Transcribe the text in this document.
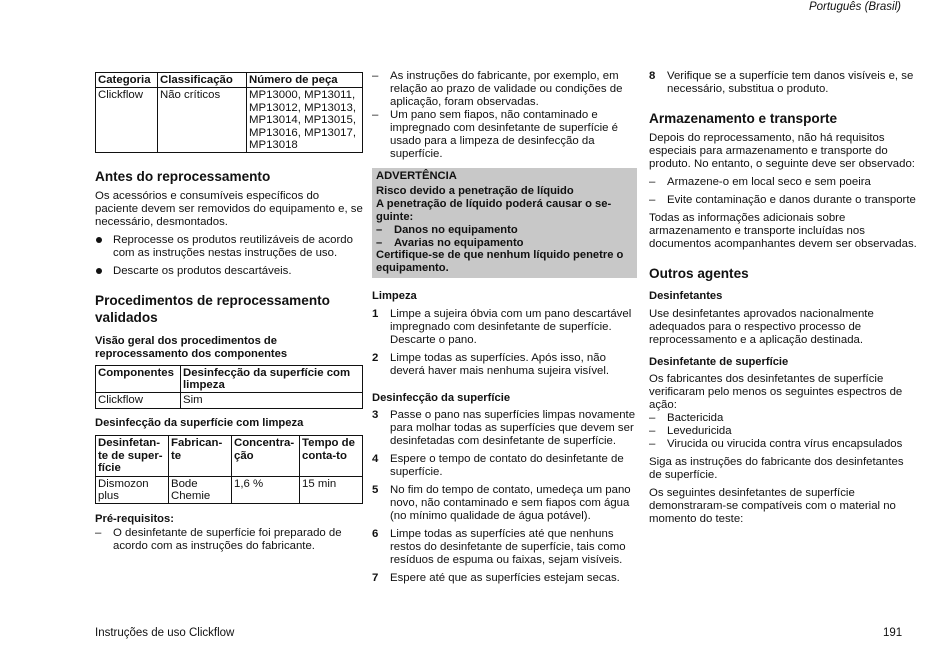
Português (Brasil)
Categoria	Classificação	Número de peça
Clickflow	Não críticos	MP13000, MP13011, MP13012, MP13013, MP13014, MP13015, MP13016, MP13017, MP13018
Antes do reprocessamento

Os acessórios e consumíveis específicos do paciente devem ser removidos do equipamento e, se necessário, desmontados.

Reprocesse os produtos reutilizáveis de acordo com as instruções nestas instruções de uso.
Descarte os produtos descartáveis.
Procedimentos de reprocessamento validados
Visão geral dos procedimentos de reprocessamento dos componentes
Componentes	Desinfecção da superfície com limpeza
Clickflow	Sim
Desinfecção da superfície com limpeza
Desinfetan-te de super-fície	Fabrican-te	Concentra-ção	Tempo de conta-to
Dismozon plus	Bode Chemie	1,6 %	15 min
Pré-requisitos:
– O desinfetante de superfície foi preparado de acordo com as instruções do fabricante.
– As instruções do fabricante, por exemplo, em relação ao prazo de validade ou condições de aplicação, foram observadas.
– Um pano sem fiapos, não contaminado e impregnado com desinfetante de superfície é usado para a limpeza de desinfecção da superfície.
ADVERTÊNCIA
Risco devido a penetração de líquido
A penetração de líquido poderá causar o se-guinte:
– Danos no equipamento
– Avarias no equipamento
Certifique-se de que nenhum líquido penetre o equipamento.
Limpeza
1 Limpe a sujeira óbvia com um pano descartável impregnado com desinfetante de superfície. Descarte o pano.
2 Limpe todas as superfícies. Após isso, não deverá haver mais nenhuma sujeira visível.
Desinfecção da superfície
3 Passe o pano nas superfícies limpas novamente para molhar todas as superfícies que devem ser desinfetadas com desinfetante de superfície.
4 Espere o tempo de contato do desinfetante de superfície.
5 No fim do tempo de contato, umedeça um pano novo, não contaminado e sem fiapos com água (no mínimo qualidade de água potável).
6 Limpe todas as superfícies até que nenhuns restos do desinfetante de superfície, tais como resíduos de espuma ou faixas, sejam visíveis.
7 Espere até que as superfícies estejam secas.
8 Verifique se a superfície tem danos visíveis e, se necessário, substitua o produto.
Armazenamento e transporte

Depois do reprocessamento, não há requisitos especiais para armazenamento e transporte do produto. No entanto, o seguinte deve ser observado:

– Armazene-o em local seco e sem poeira
– Evite contaminação e danos durante o transporte

Todas as informações adicionais sobre armazenamento e transporte incluídas nos documentos acompanhantes devem ser observadas.

Outros agentes
Desinfetantes

Use desinfetantes aprovados nacionalmente adequados para o respectivo processo de reprocessamento e a aplicação destinada.

Desinfetante de superfície

Os fabricantes dos desinfetantes de superfície verificaram pelo menos os seguintes espectros de ação:

– Bactericida
– Leveduricida
– Virucida ou virucida contra vírus encapsulados

Siga as instruções do fabricante dos desinfetantes de superfície.

Os seguintes desinfetantes de superfície demonstraram-se compatíveis com o material no momento do teste:

Instruções de uso Clickflow	191
